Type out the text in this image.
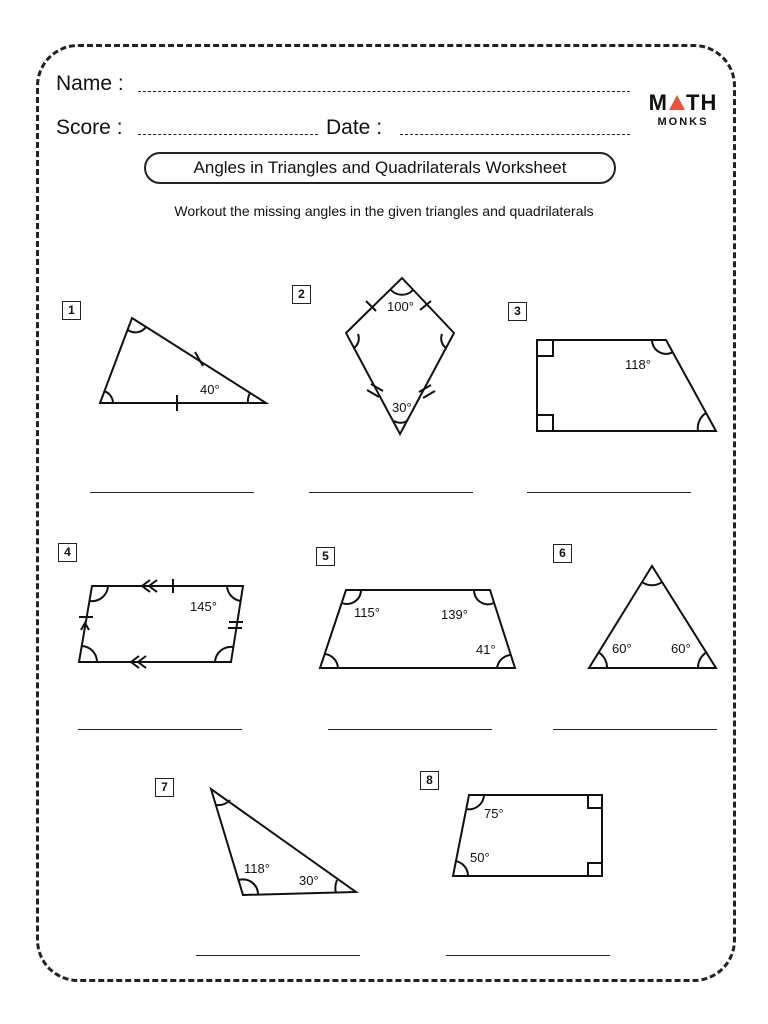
Name :
Score :	Date :
M TH
MONKS
Angles in Triangles and Quadrilaterals Worksheet
Workout the missing angles in the given triangles and quadrilaterals
1
2
3
4	5	6
7	8
40°
100°
30°
118°
145°	115°	139°
41°	60°	60°
118°
30°
75°
50°
